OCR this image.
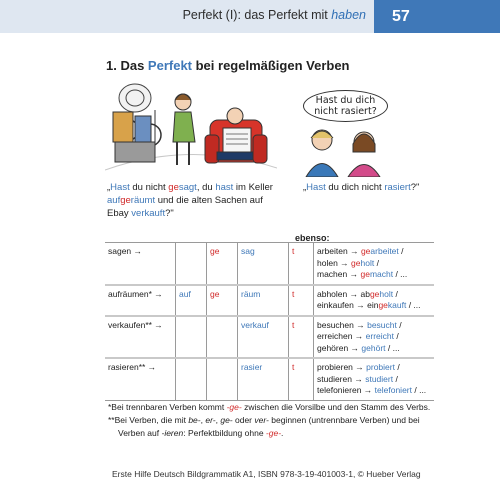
Perfekt (I): das Perfekt mit haben 57
1. Das Perfekt bei regelmäßigen Verben
Hast du dich
nicht rasiert?
„Hast du nicht gesagt, du hast im Keller
aufgeräumt und die alten Sachen auf
Ebay verkauft?"
„Hast du dich nicht rasiert?"
ebenso:
sagen →		ge	sag	t	arbeiten → gearbeitet /
holen → geholt /
machen → gemacht / ...

aufräumen* →	auf	ge	räum	t	abholen → abgeholt /
einkaufen → eingekauft / ...

verkaufen** →			verkauf	t	besuchen → besucht /
erreichen → erreicht /
gehören → gehört / ...

rasieren** →			rasier	t	probieren → probiert /
studieren → studiert /
telefonieren → telefoniert / ...
*Bei trennbaren Verben kommt -ge- zwischen die Vorsilbe und den Stamm des Verbs.
**Bei Verben, die mit be-, er-, ge- oder ver- beginnen (untrennbare Verben) und bei
Verben auf -ieren: Perfektbildung ohne -ge-.
Erste Hilfe Deutsch Bildgrammatik A1, ISBN 978-3-19-401003-1, © Hueber Verlag
